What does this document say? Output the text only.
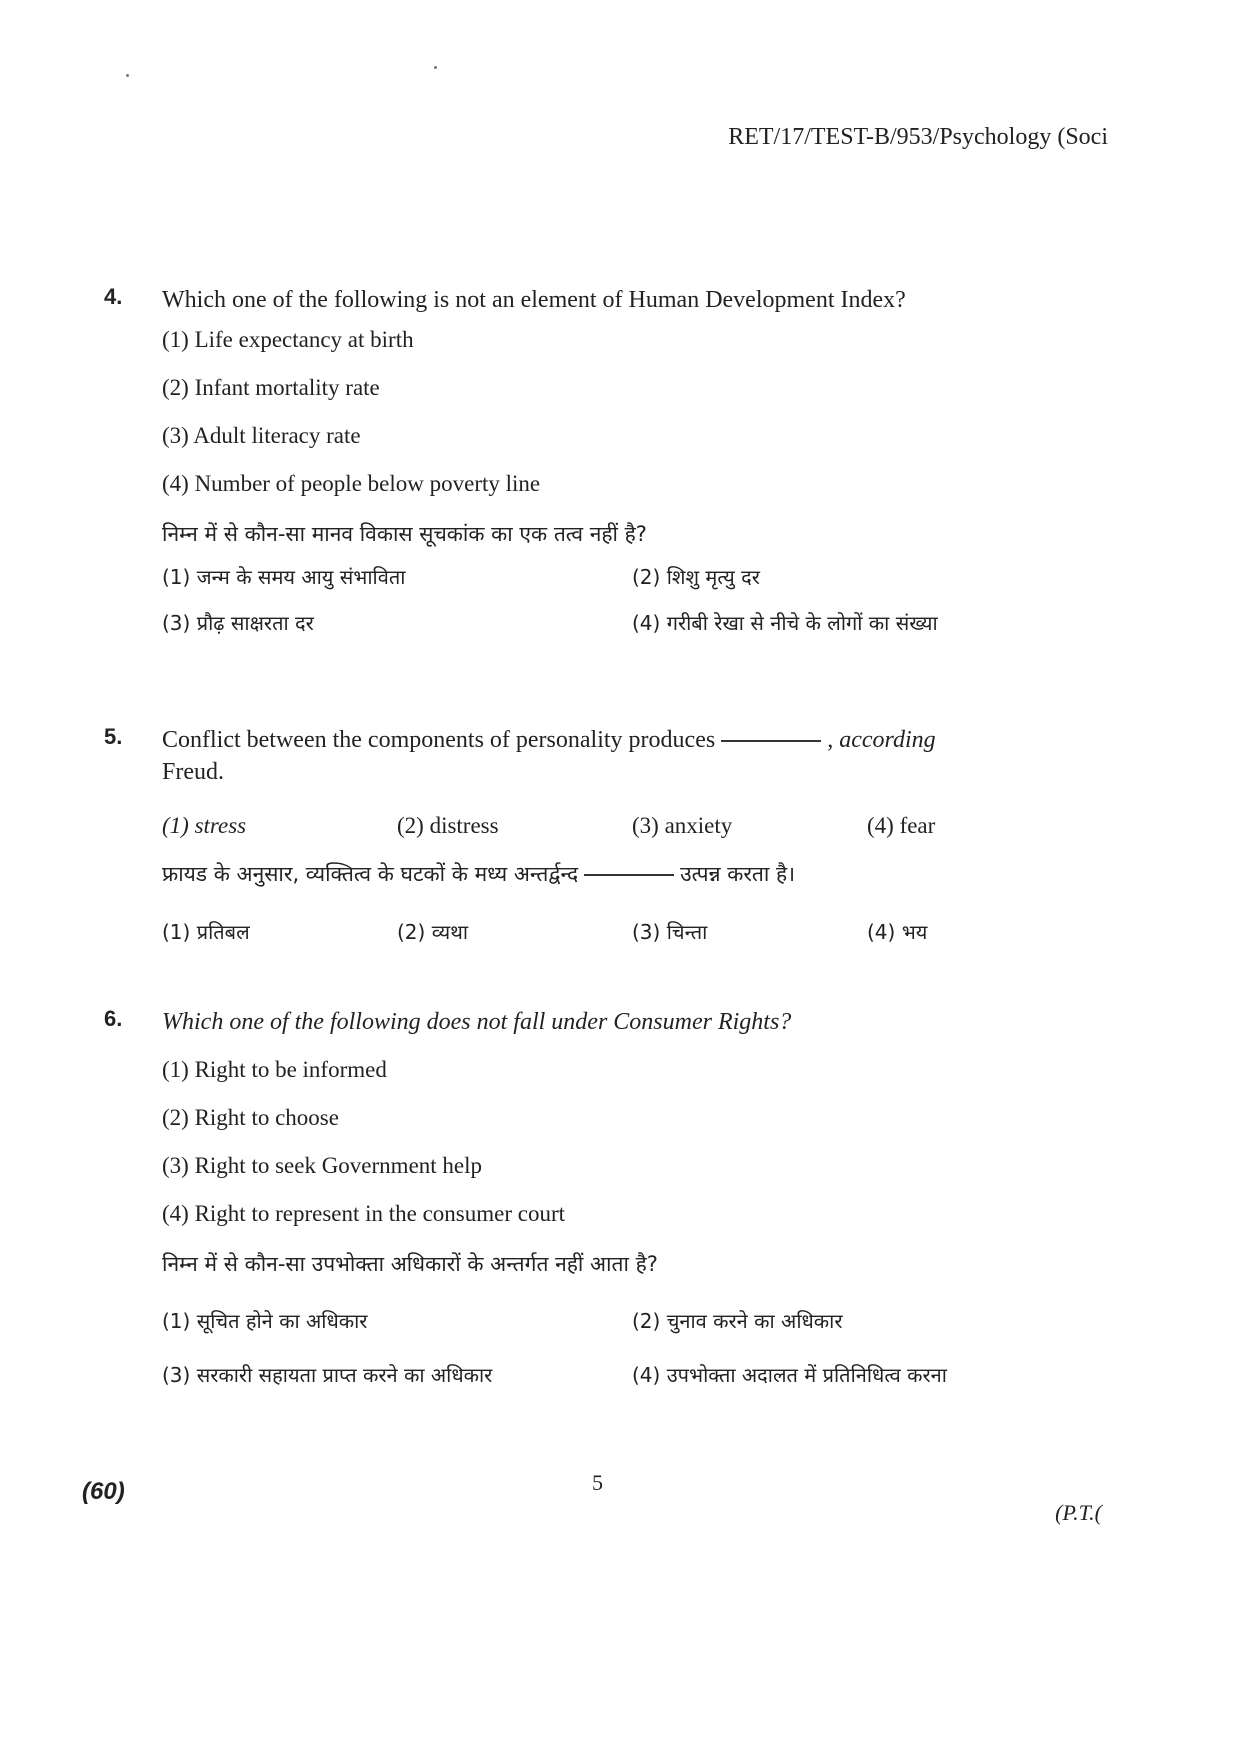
RET/17/TEST-B/953/Psychology (Soci
4. Which one of the following is not an element of Human Development Index?
(1) Life expectancy at birth
(2) Infant mortality rate
(3) Adult literacy rate
(4) Number of people below poverty line
निम्न में से कौन-सा मानव विकास सूचकांक का एक तत्व नहीं है?
(1) जन्म के समय आयु संभाविता	(2) शिशु मृत्यु दर
(3) प्रौढ़ साक्षरता दर	(4) गरीबी रेखा से नीचे के लोगों का संख्या
5. Conflict between the components of personality produces	, according
Freud.
(1) stress	(2) distress	(3) anxiety	(4) fear
फ्रायड के अनुसार, व्यक्तित्व के घटकों के मध्य अन्तर्द्वन्द	उत्पन्न करता है।
(1) प्रतिबल	(2) व्यथा	(3) चिन्ता	(4) भय
6. Which one of the following does not fall under Consumer Rights?
(1) Right to be informed
(2) Right to choose
(3) Right to seek Government help
(4) Right to represent in the consumer court
निम्न में से कौन-सा उपभोक्ता अधिकारों के अन्तर्गत नहीं आता है?
(1) सूचित होने का अधिकार	(2) चुनाव करने का अधिकार
(3) सरकारी सहायता प्राप्त करने का अधिकार	(4) उपभोक्ता अदालत में प्रतिनिधित्व करना
(60)	5
(P.T.(
